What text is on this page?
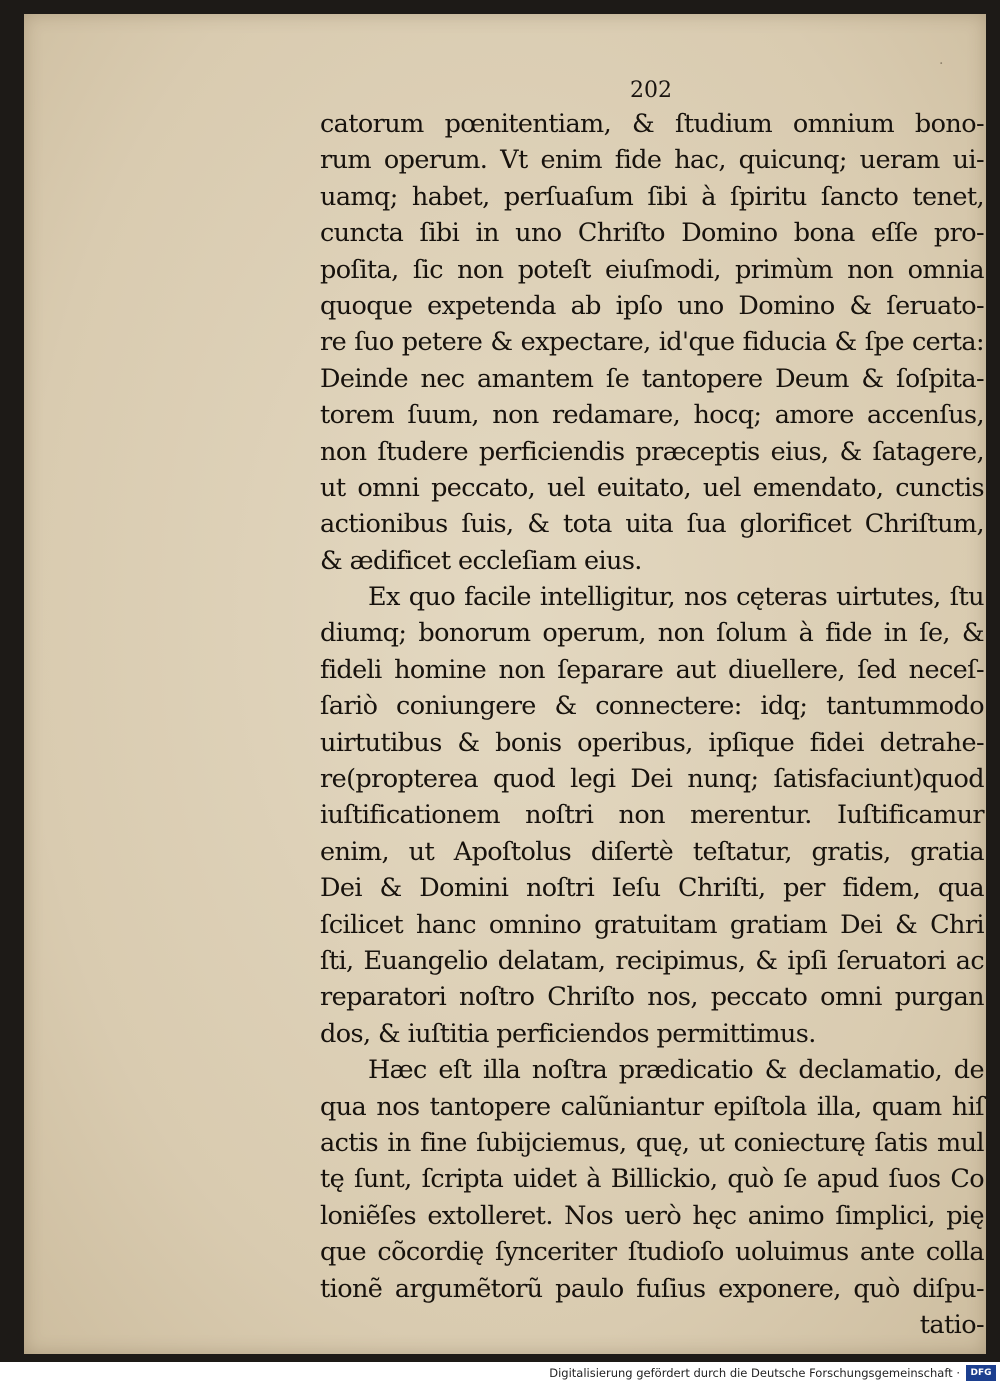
202
·
catorum pœnitentiam, & ſtudium omnium bono-
rum operum. Vt enim fide hac, quicunq; ueram ui-
uamq; habet, perſuaſum ſibi à ſpiritu ſancto tenet,
cuncta ſibi in uno Chriſto Domino bona eſſe pro-
poſita, ſic non poteſt eiuſmodi, primùm non omnia
quoque expetenda ab ipſo uno Domino & ſeruato-
re ſuo petere & expectare, id'que fiducia & ſpe certa:
Deinde nec amantem ſe tantopere Deum & ſoſpita-
torem ſuum, non redamare, hocq; amore accenſus,
non ſtudere perficiendis præceptis eius, & ſatagere,
ut omni peccato, uel euitato, uel emendato, cunctis
actionibus ſuis, & tota uita ſua glorificet Chriſtum,
& ædificet eccleſiam eius.
Ex quo facile intelligitur, nos cęteras uirtutes, ſtu
diumq; bonorum operum, non ſolum à fide in ſe, &
fideli homine non ſeparare aut diuellere, ſed neceſ-
ſariò coniungere & connectere: idq; tantummodo
uirtutibus & bonis operibus, ipſique fidei detrahe-
re(propterea quod legi Dei nunq; ſatisfaciunt)quod
iuſtificationem noſtri non merentur. Iuſtificamur
enim, ut Apoſtolus diſertè teſtatur, gratis, gratia
Dei & Domini noſtri Ieſu Chriſti, per fidem, qua
ſcilicet hanc omnino gratuitam gratiam Dei & Chri
ſti, Euangelio delatam, recipimus, & ipſi ſeruatori ac
reparatori noſtro Chriſto nos, peccato omni purgan
dos, & iuſtitia perficiendos permittimus.
Hæc eſt illa noſtra prædicatio & declamatio, de
qua nos tantopere calũniantur epiſtola illa, quam hiſ
actis in fine ſubijciemus, quę, ut coniecturę ſatis mul
tę ſunt, ſcripta uidet à Billickio, quò ſe apud ſuos Co
loniẽſes extolleret. Nos uerò hęc animo ſimplici, pię
que cõcordię ſynceriter ſtudioſo uoluimus ante colla
tionẽ argumẽtorũ paulo fuſius exponere, quò diſpu-
tatio-
Digitalisierung gefördert durch die Deutsche Forschungsgemeinschaft ·	DFG
